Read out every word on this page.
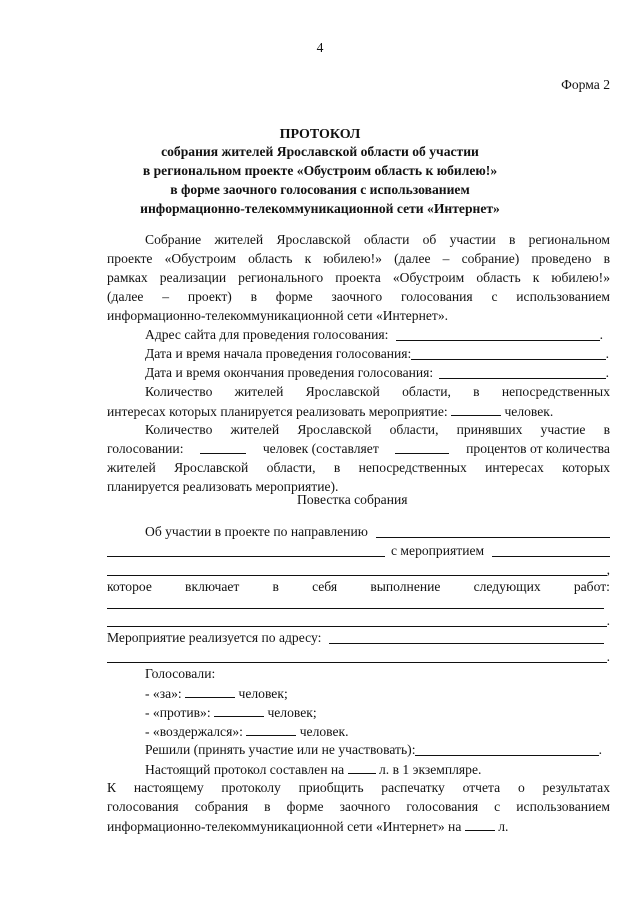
4
Форма 2
ПРОТОКОЛ
собрания жителей Ярославской области об участии
в региональном проекте «Обустроим область к юбилею!»
в форме заочного голосования с использованием
информационно-телекоммуникационной сети «Интернет»
Собрание жителей Ярославской области об участии в региональном
проекте «Обустроим область к юбилею!» (далее – собрание) проведено в
рамках реализации регионального проекта «Обустроим область к юбилею!»
(далее – проект) в форме заочного голосования с использованием
информационно-телекоммуникационной сети «Интернет».
Адрес сайта для проведения голосования:	.
Дата и время начала проведения голосования:	.
Дата и время окончания проведения голосования:	.
Количество жителей Ярославской области, в непосредственных
интересах которых планируется реализовать мероприятие:	человек.
Количество жителей Ярославской области, принявших участие в
голосовании:	человек (составляет	процентов от количества
жителей Ярославской области, в непосредственных интересах которых
планируется реализовать мероприятие).
Повестка собрания
Об участии в проекте по направлению
с мероприятием
,
которое включает в себя выполнение следующих работ:
.
Мероприятие реализуется по адресу:
.
Голосовали:
- «за»:	человек;
- «против»:	человек;
- «воздержался»:	человек.
Решили (принять участие или не участвовать):	.
Настоящий протокол составлен на	л. в 1 экземпляре.
К настоящему протоколу приобщить распечатку отчета о результатах
голосования собрания в форме заочного голосования с использованием
информационно-телекоммуникационной сети «Интернет» на	л.
